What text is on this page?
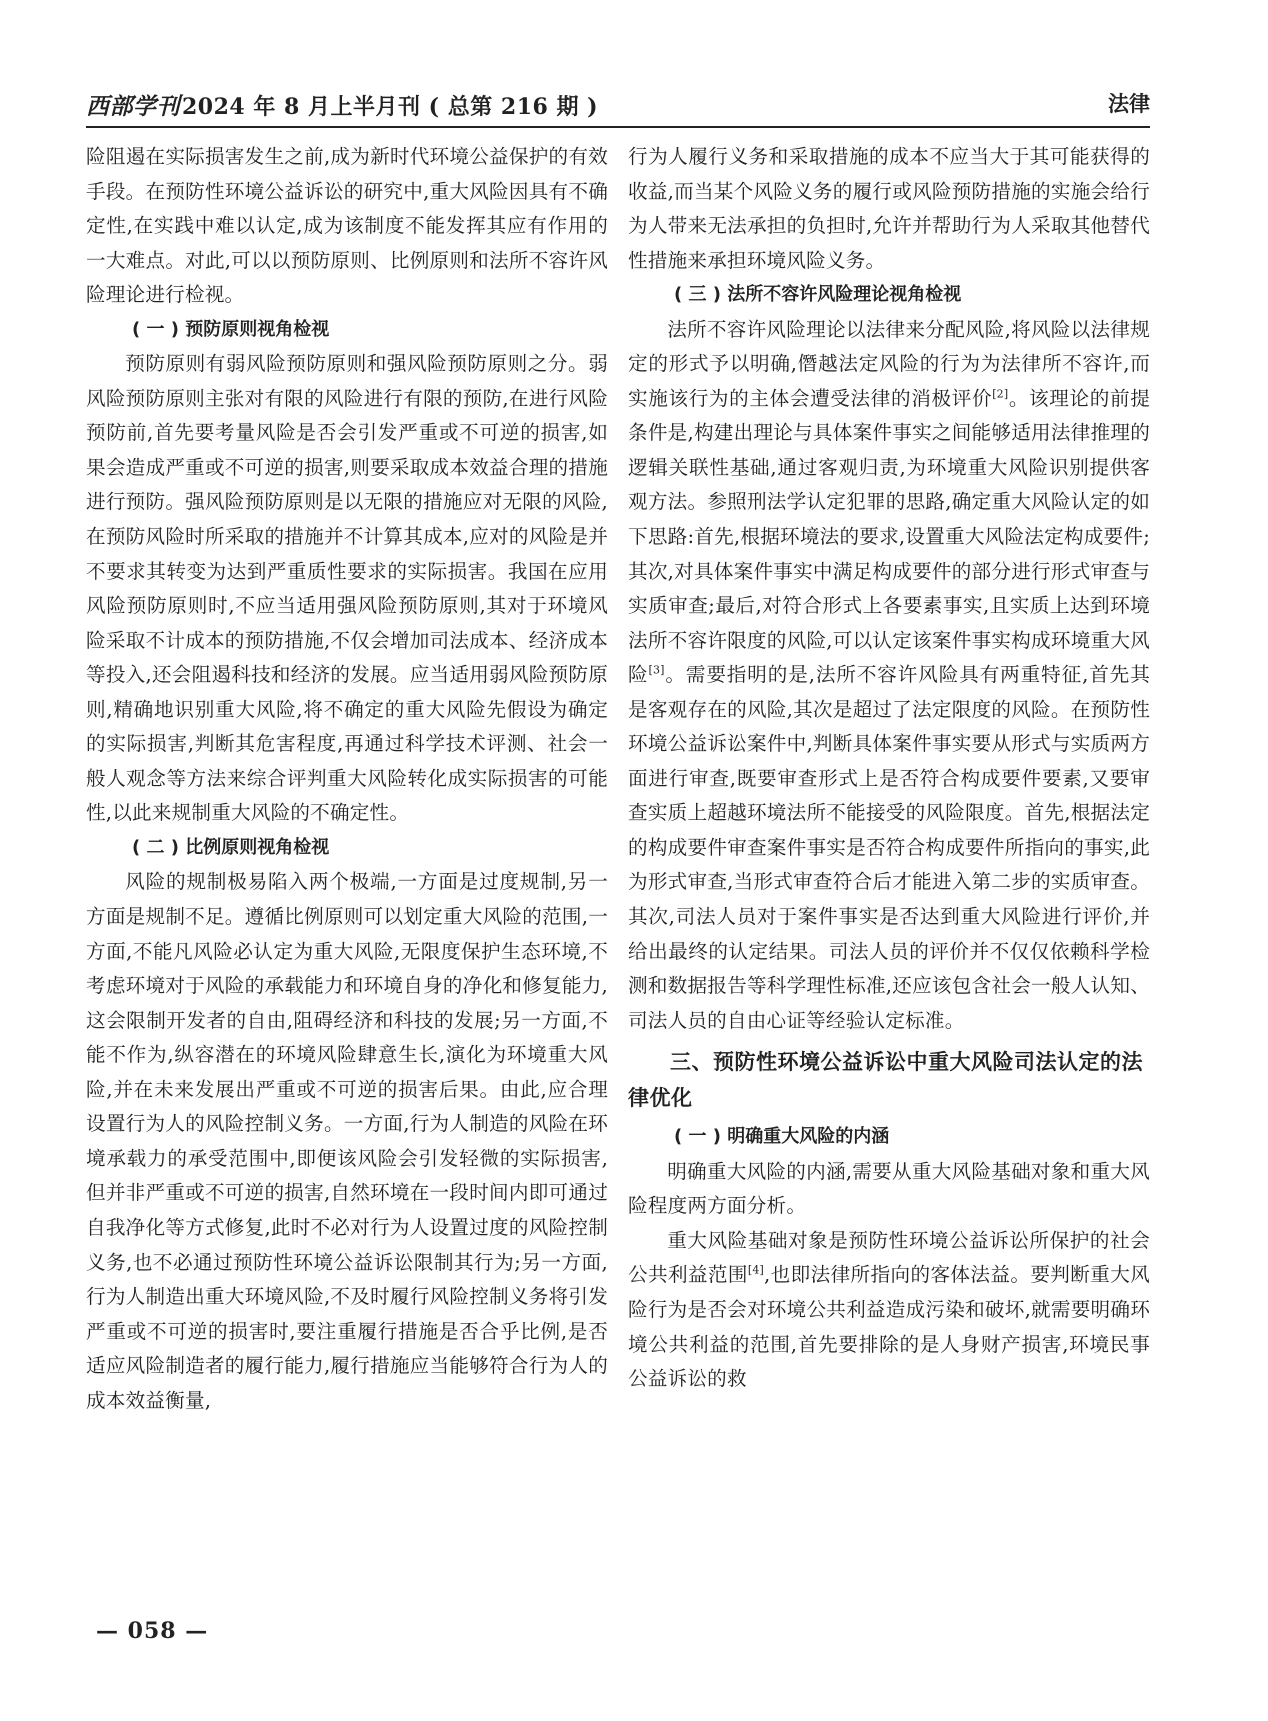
西部学刊2024 年 8 月上半月刊 ( 总第 216 期 )	法律

险阻遏在实际损害发生之前,成为新时代环境公益保护的有效手段。在预防性环境公益诉讼的研究中,重大风险因具有不确定性,在实践中难以认定,成为该制度不能发挥其应有作用的一大难点。对此,可以以预防原则、比例原则和法所不容许风险理论进行检视。

( 一 ) 预防原则视角检视

预防原则有弱风险预防原则和强风险预防原则之分。弱风险预防原则主张对有限的风险进行有限的预防,在进行风险预防前,首先要考量风险是否会引发严重或不可逆的损害,如果会造成严重或不可逆的损害,则要采取成本效益合理的措施进行预防。强风险预防原则是以无限的措施应对无限的风险,在预防风险时所采取的措施并不计算其成本,应对的风险是并不要求其转变为达到严重质性要求的实际损害。我国在应用风险预防原则时,不应当适用强风险预防原则,其对于环境风险采取不计成本的预防措施,不仅会增加司法成本、经济成本等投入,还会阻遏科技和经济的发展。应当适用弱风险预防原则,精确地识别重大风险,将不确定的重大风险先假设为确定的实际损害,判断其危害程度,再通过科学技术评测、社会一般人观念等方法来综合评判重大风险转化成实际损害的可能性,以此来规制重大风险的不确定性。

( 二 ) 比例原则视角检视

风险的规制极易陷入两个极端,一方面是过度规制,另一方面是规制不足。遵循比例原则可以划定重大风险的范围,一方面,不能凡风险必认定为重大风险,无限度保护生态环境,不考虑环境对于风险的承载能力和环境自身的净化和修复能力,这会限制开发者的自由,阻碍经济和科技的发展;另一方面,不能不作为,纵容潜在的环境风险肆意生长,演化为环境重大风险,并在未来发展出严重或不可逆的损害后果。由此,应合理设置行为人的风险控制义务。一方面,行为人制造的风险在环境承载力的承受范围中,即便该风险会引发轻微的实际损害,但并非严重或不可逆的损害,自然环境在一段时间内即可通过自我净化等方式修复,此时不必对行为人设置过度的风险控制义务,也不必通过预防性环境公益诉讼限制其行为;另一方面,行为人制造出重大环境风险,不及时履行风险控制义务将引发严重或不可逆的损害时,要注重履行措施是否合乎比例,是否适应风险制造者的履行能力,履行措施应当能够符合行为人的成本效益衡量,

行为人履行义务和采取措施的成本不应当大于其可能获得的收益,而当某个风险义务的履行或风险预防措施的实施会给行为人带来无法承担的负担时,允许并帮助行为人采取其他替代性措施来承担环境风险义务。

( 三 ) 法所不容许风险理论视角检视

法所不容许风险理论以法律来分配风险,将风险以法律规定的形式予以明确,僭越法定风险的行为为法律所不容许,而实施该行为的主体会遭受法律的消极评价[2]。该理论的前提条件是,构建出理论与具体案件事实之间能够适用法律推理的逻辑关联性基础,通过客观归责,为环境重大风险识别提供客观方法。参照刑法学认定犯罪的思路,确定重大风险认定的如下思路:首先,根据环境法的要求,设置重大风险法定构成要件;其次,对具体案件事实中满足构成要件的部分进行形式审查与实质审查;最后,对符合形式上各要素事实,且实质上达到环境法所不容许限度的风险,可以认定该案件事实构成环境重大风险[3]。需要指明的是,法所不容许风险具有两重特征,首先其是客观存在的风险,其次是超过了法定限度的风险。在预防性环境公益诉讼案件中,判断具体案件事实要从形式与实质两方面进行审查,既要审查形式上是否符合构成要件要素,又要审查实质上超越环境法所不能接受的风险限度。首先,根据法定的构成要件审查案件事实是否符合构成要件所指向的事实,此为形式审查,当形式审查符合后才能进入第二步的实质审查。其次,司法人员对于案件事实是否达到重大风险进行评价,并给出最终的认定结果。司法人员的评价并不仅仅依赖科学检测和数据报告等科学理性标准,还应该包含社会一般人认知、司法人员的自由心证等经验认定标准。

三、预防性环境公益诉讼中重大风险司法认定的法律优化

( 一 ) 明确重大风险的内涵

明确重大风险的内涵,需要从重大风险基础对象和重大风险程度两方面分析。

重大风险基础对象是预防性环境公益诉讼所保护的社会公共利益范围[4],也即法律所指向的客体法益。要判断重大风险行为是否会对环境公共利益造成污染和破坏,就需要明确环境公共利益的范围,首先要排除的是人身财产损害,环境民事公益诉讼的救

— 058 —
